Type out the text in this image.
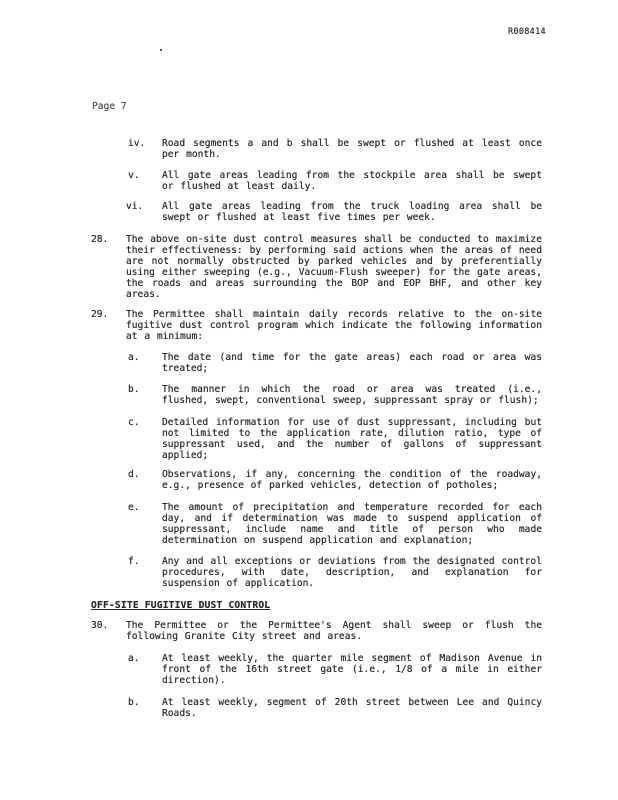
R008414
Page 7
iv. Road segments a and b shall be swept or flushed at least once per month.
v. All gate areas leading from the stockpile area shall be swept or flushed at least daily.
vi. All gate areas leading from the truck loading area shall be swept or flushed at least five times per week.
28. The above on-site dust control measures shall be conducted to maximize their effectiveness: by performing said actions when the areas of need are not normally obstructed by parked vehicles and by preferentially using either sweeping (e.g., Vacuum-Flush sweeper) for the gate areas, the roads and areas surrounding the BOP and EOP BHF, and other key areas.
29. The Permittee shall maintain daily records relative to the on-site fugitive dust control program which indicate the following information at a minimum:
a. The date (and time for the gate areas) each road or area was treated;
b. The manner in which the road or area was treated (i.e., flushed, swept, conventional sweep, suppressant spray or flush);
c. Detailed information for use of dust suppressant, including but not limited to the application rate, dilution ratio, type of suppressant used, and the number of gallons of suppressant applied;
d. Observations, if any, concerning the condition of the roadway, e.g., presence of parked vehicles, detection of potholes;
e. The amount of precipitation and temperature recorded for each day, and if determination was made to suspend application of suppressant, include name and title of person who made determination on suspend application and explanation;
f. Any and all exceptions or deviations from the designated control procedures, with date, description, and explanation for suspension of application.
OFF-SITE FUGITIVE DUST CONTROL
30. The Permittee or the Permittee's Agent shall sweep or flush the following Granite City street and areas.
a. At least weekly, the quarter mile segment of Madison Avenue in front of the 16th street gate (i.e., 1/8 of a mile in either direction).
b. At least weekly, segment of 20th street between Lee and Quincy Roads.
